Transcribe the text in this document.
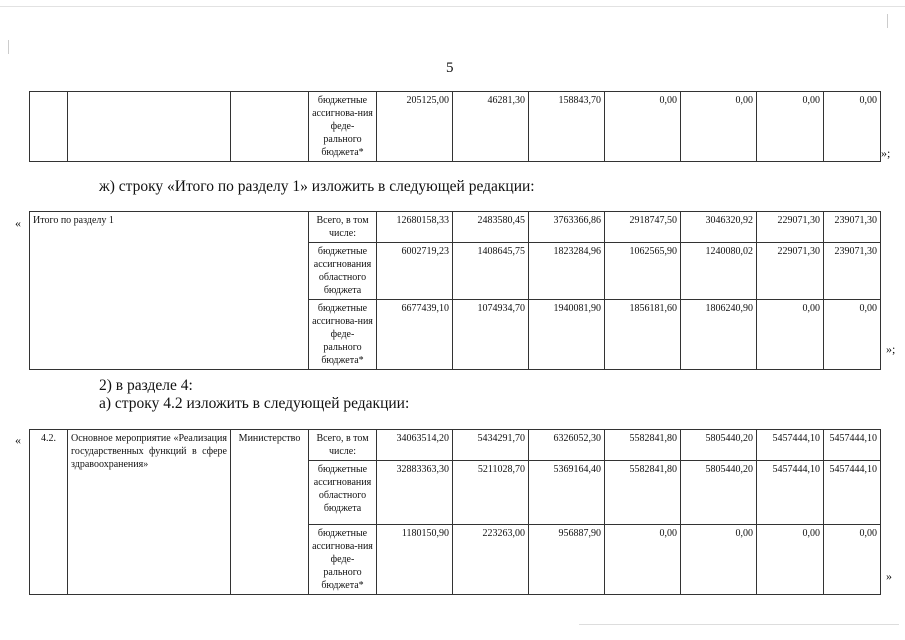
5
			бюджетные ассигнова-ния феде-рального бюджета*	205125,00	46281,30	158843,70	0,00	0,00	0,00	0,00
»;
ж) строку «Итого по разделу 1» изложить в следующей редакции:
« Итого по разделу 1	Всего, в том числе:	12680158,33	2483580,45	3763366,86	2918747,50	3046320,92	229071,30	239071,30
	бюджетные ассигнования областного бюджета	6002719,23	1408645,75	1823284,96	1062565,90	1240080,02	229071,30	239071,30
	бюджетные ассигнова-ния феде-рального бюджета*	6677439,10	1074934,70	1940081,90	1856181,60	1806240,90	0,00	0,00
»;
2) в разделе 4:
а) строку 4.2 изложить в следующей редакции:
« 4.2.	Основное мероприятие «Реализация государственных функций в сфере здравоохранения»	Министерство	Всего, в том числе:	34063514,20	5434291,70	6326052,30	5582841,80	5805440,20	5457444,10	5457444,10
			бюджетные ассигнования областного бюджета	32883363,30	5211028,70	5369164,40	5582841,80	5805440,20	5457444,10	5457444,10
			бюджетные ассигнова-ния феде-рального бюджета*	1180150,90	223263,00	956887,90	0,00	0,00	0,00	0,00
»
